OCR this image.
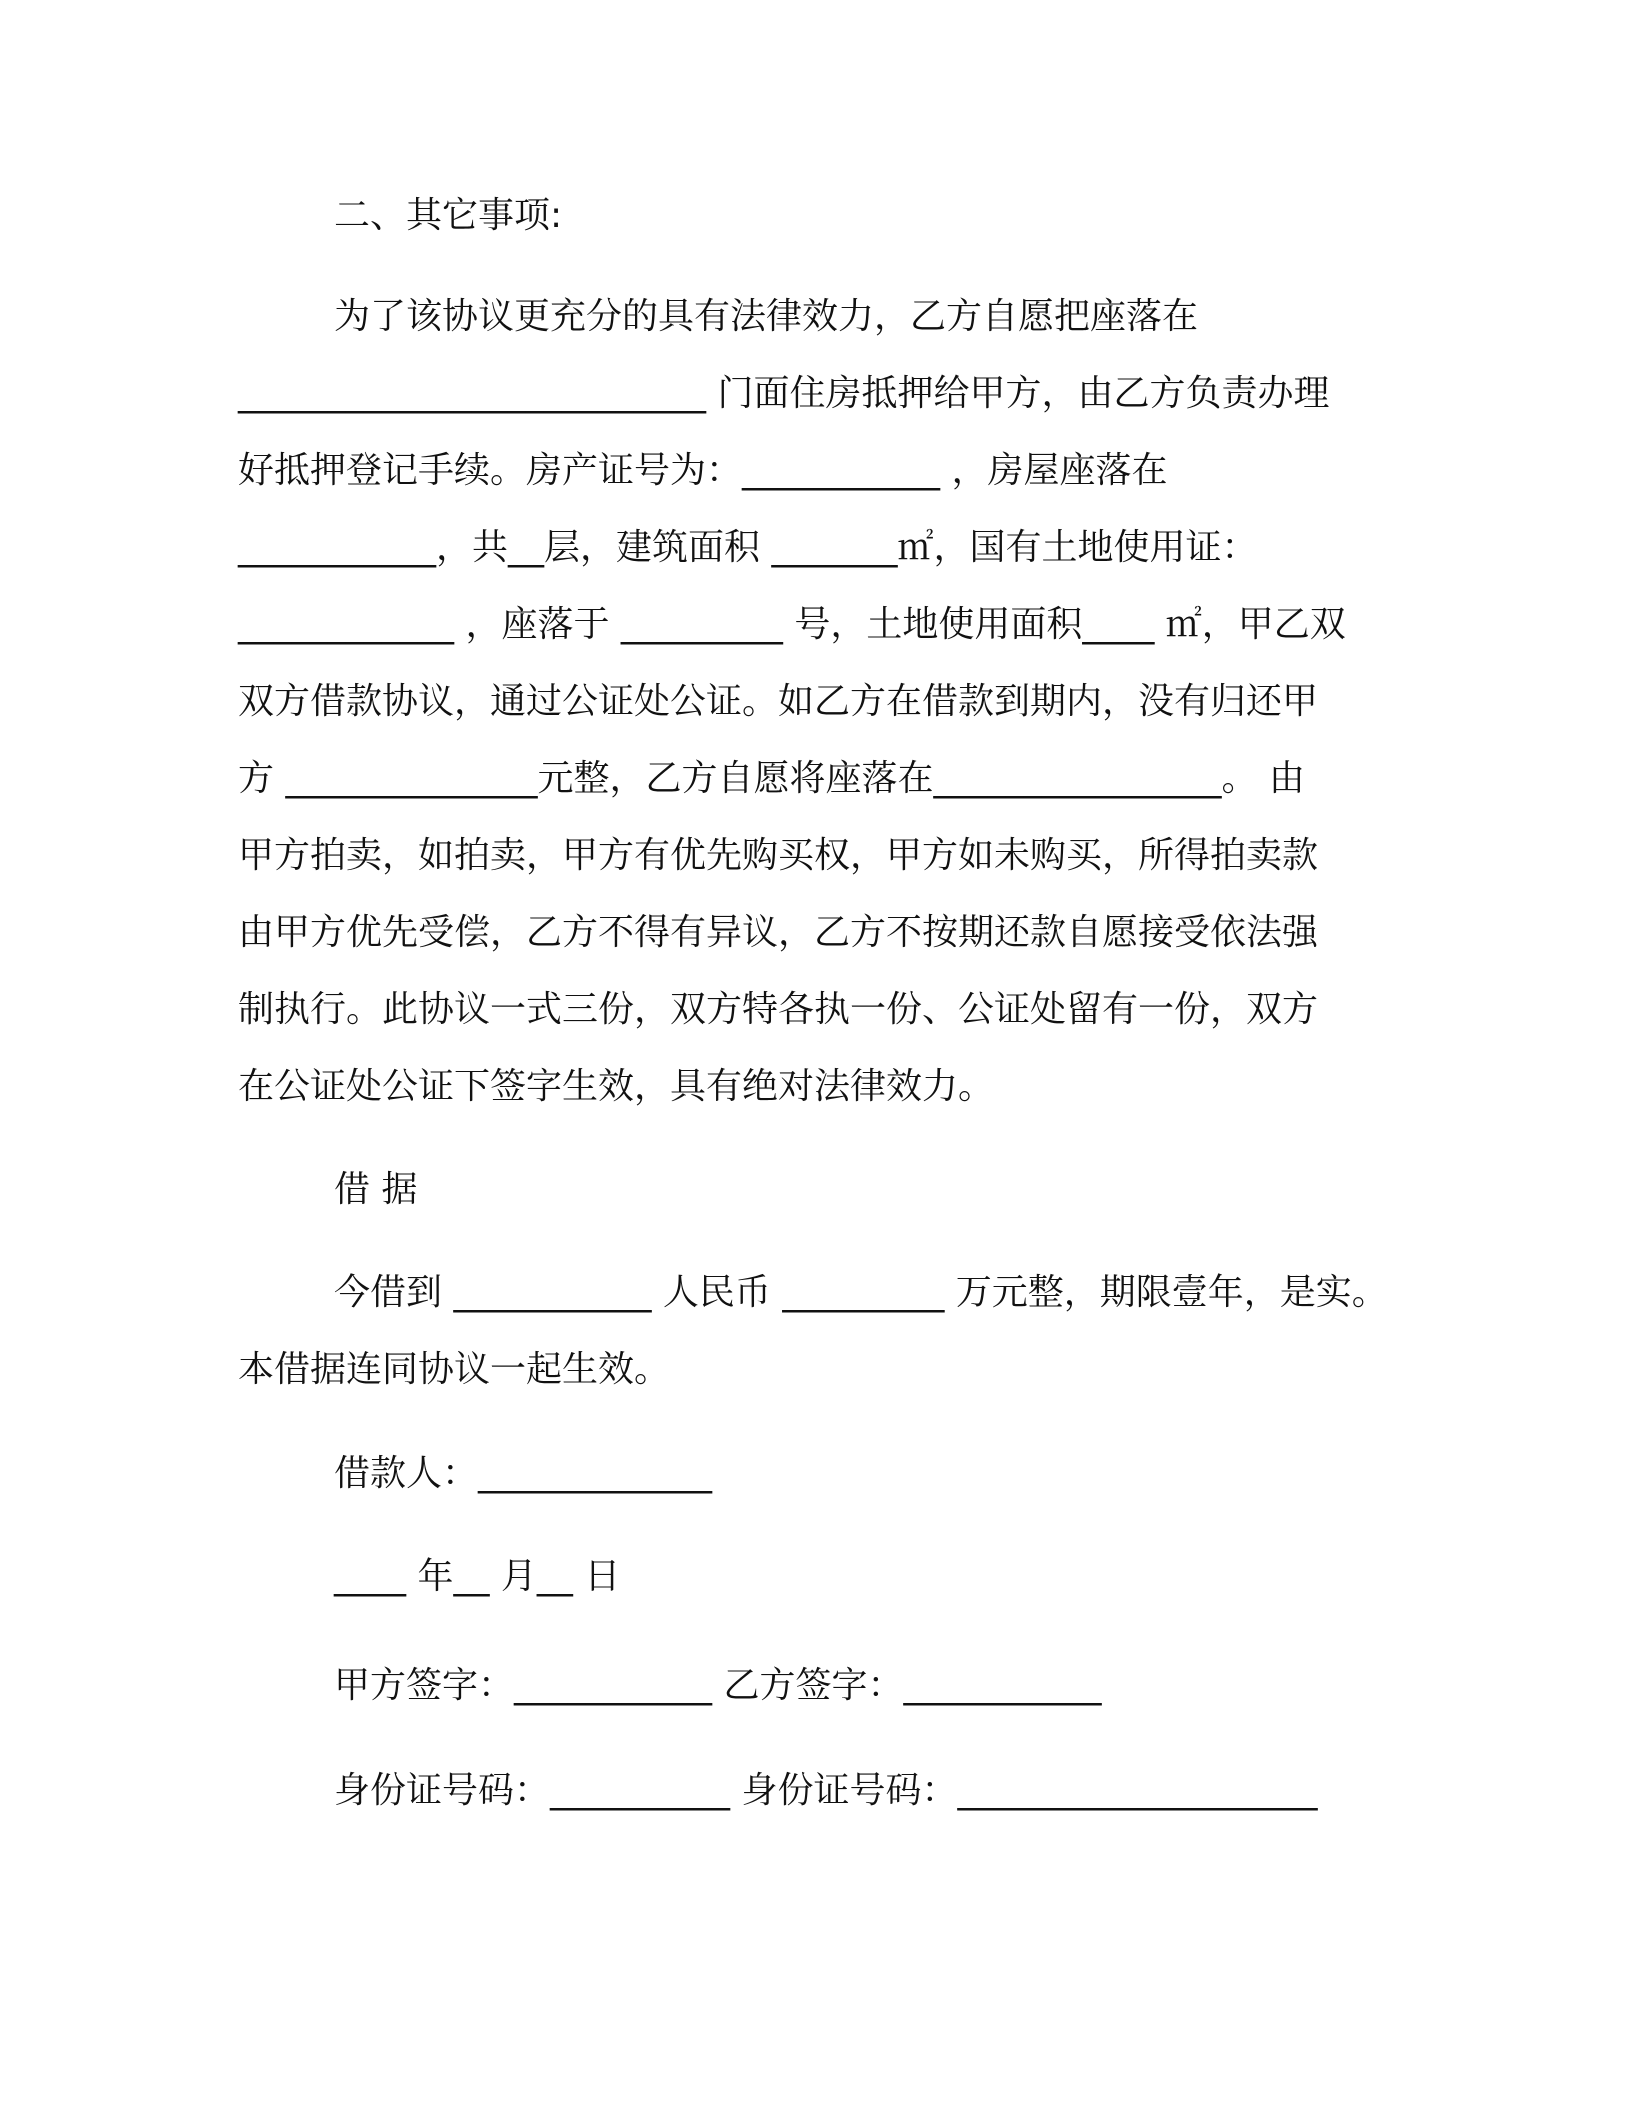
二、其它事项:

为了该协议更充分的具有法律效力，乙方自愿把座落在

__________________________ 门面住房抵押给甲方，由乙方负责办理

好抵押登记手续。房产证号为：___________ ，房屋座落在

___________，共__层，建筑面积 _______㎡，国有土地使用证：

____________ ，座落于 _________ 号，土地使用面积____ ㎡，甲乙双

双方借款协议，通过公证处公证。如乙方在借款到期内，没有归还甲

方 ______________元整，乙方自愿将座落在________________。 由

甲方拍卖，如拍卖，甲方有优先购买权，甲方如未购买，所得拍卖款

由甲方优先受偿，乙方不得有异议，乙方不按期还款自愿接受依法强

制执行。此协议一式三份，双方特各执一份、公证处留有一份，双方

在公证处公证下签字生效，具有绝对法律效力。

借 据

今借到 ___________ 人民币 _________ 万元整，期限壹年，是实。

本借据连同协议一起生效。

借款人：_____________

____ 年__ 月__ 日

甲方签字：___________ 乙方签字：___________

身份证号码：__________ 身份证号码：____________________
